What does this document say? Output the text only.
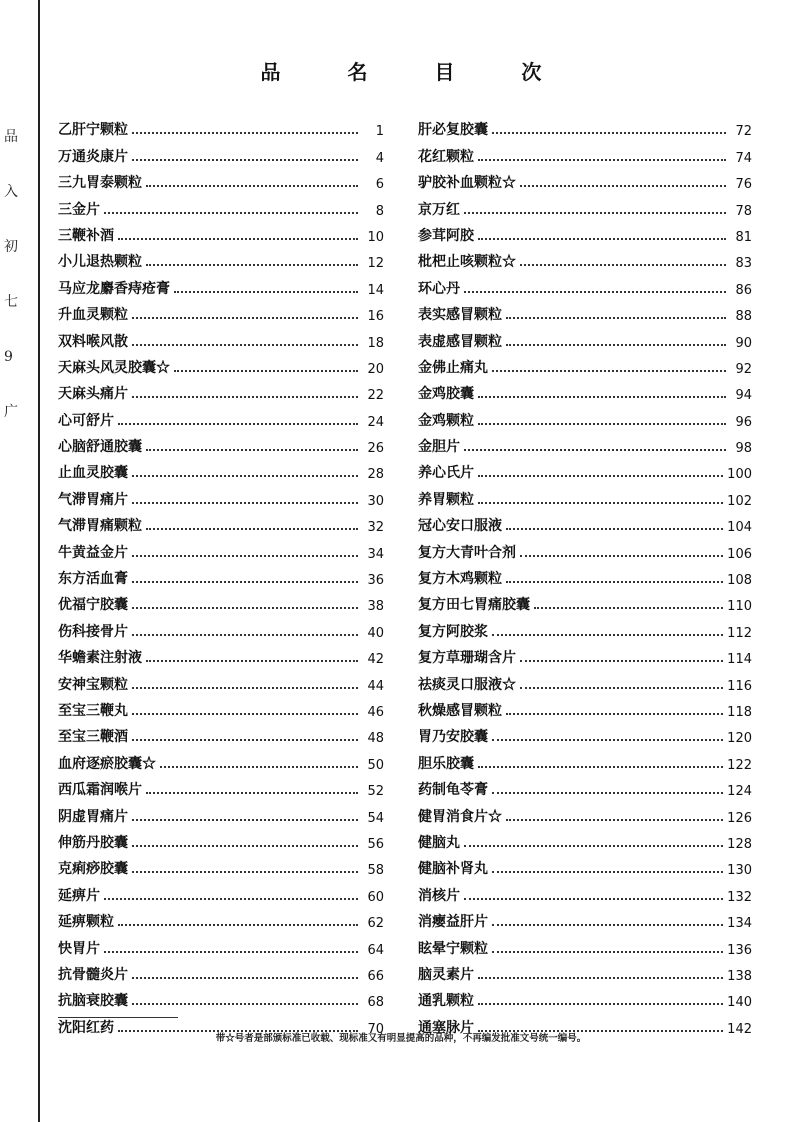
品
入
初
七
9
广
品 名 目 次
乙肝宁颗粒	1
万通炎康片	4
三九胃泰颗粒	6
三金片	8
三鞭补酒	10
小儿退热颗粒	12
马应龙麝香痔疮膏	14
升血灵颗粒	16
双料喉风散	18
天麻头风灵胶囊☆	20
天麻头痛片	22
心可舒片	24
心脑舒通胶囊	26
止血灵胶囊	28
气滞胃痛片	30
气滞胃痛颗粒	32
牛黄益金片	34
东方活血膏	36
优福宁胶囊	38
伤科接骨片	40
华蟾素注射液	42
安神宝颗粒	44
至宝三鞭丸	46
至宝三鞭酒	48
血府逐瘀胶囊☆	50
西瓜霜润喉片	52
阴虚胃痛片	54
伸筋丹胶囊	56
克痢痧胶囊	58
延痹片	60
延痹颗粒	62
快胃片	64
抗骨髓炎片	66
抗脑衰胶囊	68
沈阳红药	70
肝必复胶囊	72
花红颗粒	74
驴胶补血颗粒☆	76
京万红	78
参茸阿胶	81
枇杷止咳颗粒☆	83
环心丹	86
表实感冒颗粒	88
表虚感冒颗粒	90
金佛止痛丸	92
金鸡胶囊	94
金鸡颗粒	96
金胆片	98
养心氏片	100
养胃颗粒	102
冠心安口服液	104
复方大青叶合剂	106
复方木鸡颗粒	108
复方田七胃痛胶囊	110
复方阿胶浆	112
复方草珊瑚含片	114
祛痰灵口服液☆	116
秋燥感冒颗粒	118
胃乃安胶囊	120
胆乐胶囊	122
药制龟苓膏	124
健胃消食片☆	126
健脑丸	128
健脑补肾丸	130
消核片	132
消瘿益肝片	134
眩晕宁颗粒	136
脑灵素片	138
通乳颗粒	140
通塞脉片	142
带☆号者是部颁标准已收载、现标准又有明显提高的品种，不再编发批准文号统一编号。
